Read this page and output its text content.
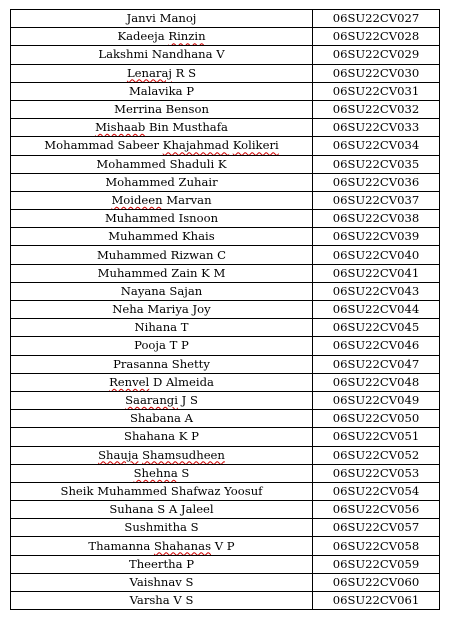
Janvi Manoj	06SU22CV027
Kadeeja Rinzin	06SU22CV028
Lakshmi Nandhana V	06SU22CV029
Lenaraj R S	06SU22CV030
Malavika P	06SU22CV031
Merrina Benson	06SU22CV032
Mishaab Bin Musthafa	06SU22CV033
Mohammad Sabeer Khajahmad Kolikeri	06SU22CV034
Mohammed Shaduli K	06SU22CV035
Mohammed Zuhair	06SU22CV036
Moideen Marvan	06SU22CV037
Muhammed Isnoon	06SU22CV038
Muhammed Khais	06SU22CV039
Muhammed Rizwan C	06SU22CV040
Muhammed Zain K M	06SU22CV041
Nayana Sajan	06SU22CV043
Neha Mariya Joy	06SU22CV044
Nihana T	06SU22CV045
Pooja T P	06SU22CV046
Prasanna Shetty	06SU22CV047
Renvel D Almeida	06SU22CV048
Saarangi J S	06SU22CV049
Shabana A	06SU22CV050
Shahana K P	06SU22CV051
Shauja Shamsudheen	06SU22CV052
Shehna S	06SU22CV053
Sheik Muhammed Shafwaz Yoosuf	06SU22CV054
Suhana S A Jaleel	06SU22CV056
Sushmitha S	06SU22CV057
Thamanna Shahanas V P	06SU22CV058
Theertha P	06SU22CV059
Vaishnav S	06SU22CV060
Varsha V S	06SU22CV061
